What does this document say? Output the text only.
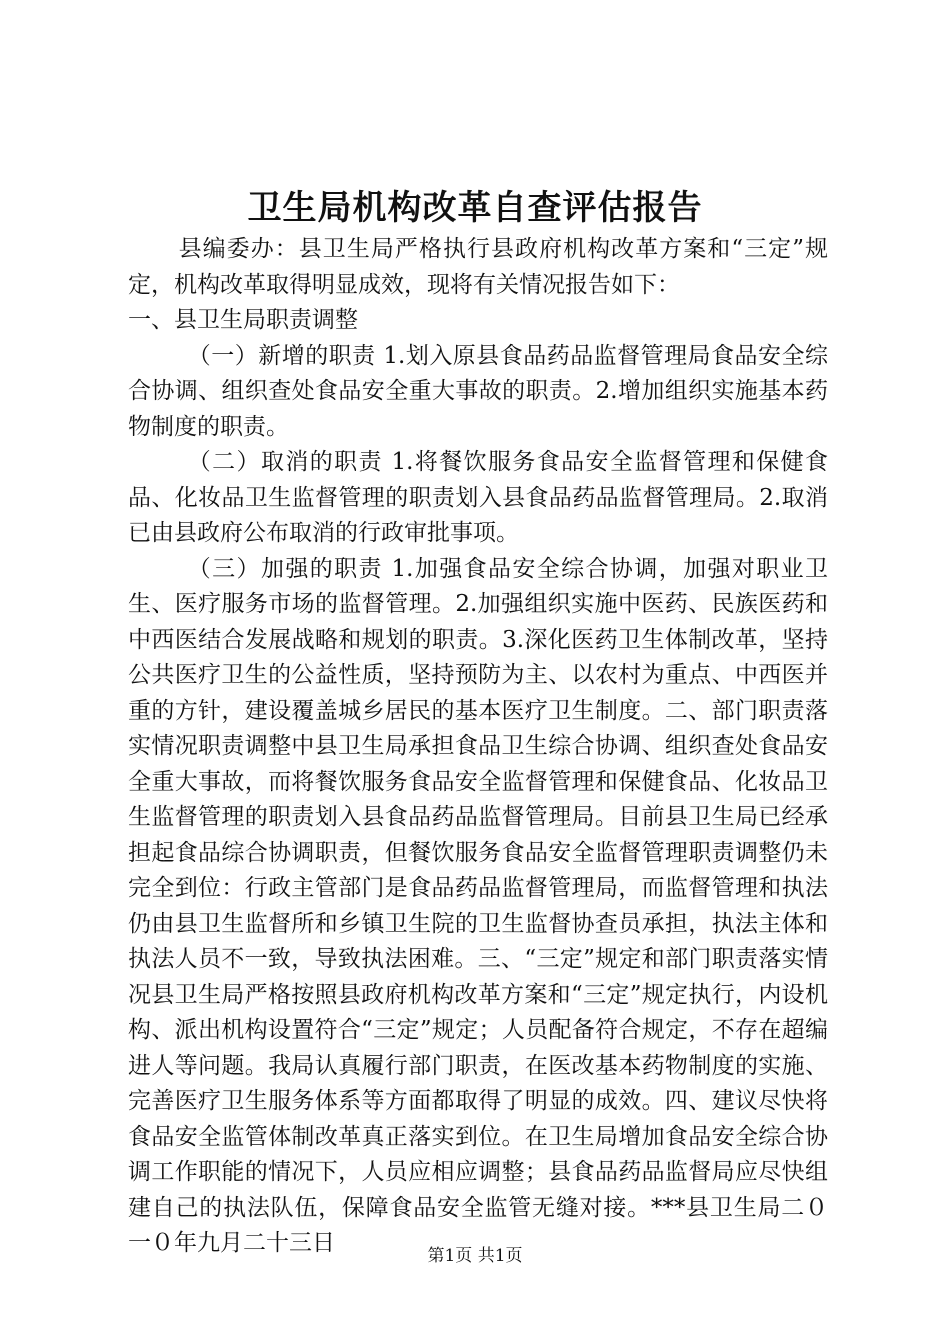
卫生局机构改革自查评估报告

县编委办：县卫生局严格执行县政府机构改革方案和“三定”规定，机构改革取得明显成效，现将有关情况报告如下：

一、县卫生局职责调整

（一）新增的职责 1.划入原县食品药品监督管理局食品安全综合协调、组织查处食品安全重大事故的职责。2.增加组织实施基本药物制度的职责。

（二）取消的职责 1.将餐饮服务食品安全监督管理和保健食品、化妆品卫生监督管理的职责划入县食品药品监督管理局。2.取消已由县政府公布取消的行政审批事项。

（三）加强的职责 1.加强食品安全综合协调，加强对职业卫生、医疗服务市场的监督管理。2.加强组织实施中医药、民族医药和中西医结合发展战略和规划的职责。3.深化医药卫生体制改革，坚持公共医疗卫生的公益性质，坚持预防为主、以农村为重点、中西医并重的方针，建设覆盖城乡居民的基本医疗卫生制度。二、部门职责落实情况职责调整中县卫生局承担食品卫生综合协调、组织查处食品安全重大事故，而将餐饮服务食品安全监督管理和保健食品、化妆品卫生监督管理的职责划入县食品药品监督管理局。目前县卫生局已经承担起食品综合协调职责，但餐饮服务食品安全监督管理职责调整仍未完全到位：行政主管部门是食品药品监督管理局，而监督管理和执法仍由县卫生监督所和乡镇卫生院的卫生监督协查员承担，执法主体和执法人员不一致，导致执法困难。三、“三定”规定和部门职责落实情况县卫生局严格按照县政府机构改革方案和“三定”规定执行，内设机构、派出机构设置符合“三定”规定；人员配备符合规定，不存在超编进人等问题。我局认真履行部门职责，在医改基本药物制度的实施、完善医疗卫生服务体系等方面都取得了明显的成效。四、建议尽快将食品安全监管体制改革真正落实到位。在卫生局增加食品安全综合协调工作职能的情况下，人员应相应调整；县食品药品监督局应尽快组建自己的执法队伍，保障食品安全监管无缝对接。***县卫生局二０一０年九月二十三日	第1页 共1页
